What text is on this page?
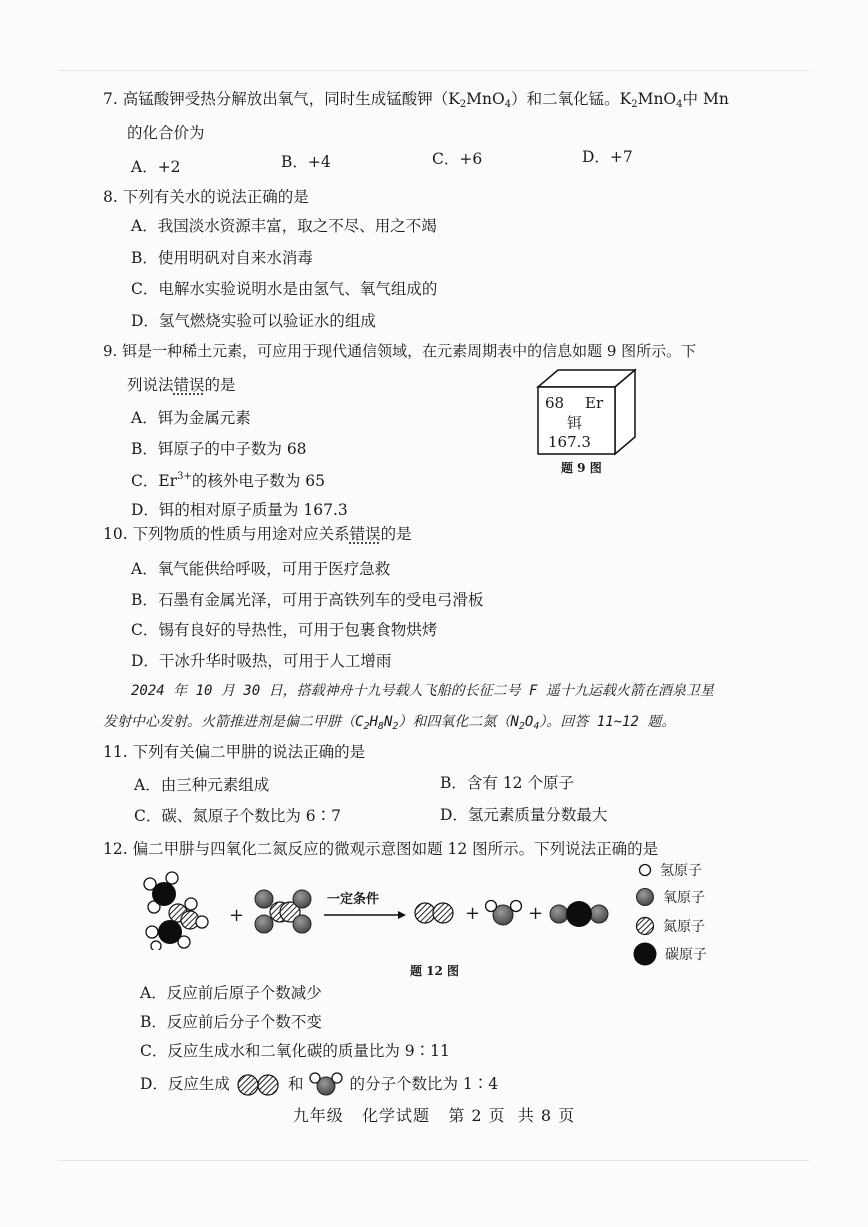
7. 高锰酸钾受热分解放出氧气，同时生成锰酸钾$(K_2MnO_4)$和二氧化锰。$K_2MnO_4$中 Mn
的化合价为
A．+2	B．+4	C．+6	D．+7
8. 下列有关水的说法正确的是
A．我国淡水资源丰富，取之不尽、用之不竭
B．使用明矾对自来水消毒
C．电解水实验说明水是由氢气、氧气组成的
D．氢气燃烧实验可以验证水的组成
9. 铒是一种稀土元素，可应用于现代通信领域，在元素周期表中的信息如题 9 图所示。下
列说法错误的是
A．铒为金属元素
B．铒原子的中子数为 68
C．$Er^{3+}$的核外电子数为 65
D．铒的相对原子质量为 167.3
68 Er
铒
167.3
题 9 图
10. 下列物质的性质与用途对应关系错误的是
A．氧气能供给呼吸，可用于医疗急救
B．石墨有金属光泽，可用于高铁列车的受电弓滑板
C．锡有良好的导热性，可用于包裹食物烘烤
D．干冰升华时吸热，可用于人工增雨
2024 年 10 月 30 日，搭载神舟十九号载人飞船的长征二号 F 遥十九运载火箭在酒泉卫星
发射中心发射。火箭推进剂是偏二甲肼$(C_2H_8N_2)$和四氧化二氮$(N_2O_4)$。回答 11~12 题。
11. 下列有关偏二甲肼的说法正确的是
A．由三种元素组成	B．含有 12 个原子
C．碳、氮原子个数比为 6∶7	D．氢元素质量分数最大
12. 偏二甲肼与四氧化二氮反应的微观示意图如题 12 图所示。下列说法正确的是
+
一定条件
+	+
氢原子
氧原子
氮原子
碳原子
题 12 图
A．反应前后原子个数减少
B．反应前后分子个数不变
C．反应生成水和二氧化碳的质量比为 9∶11
D．反应生成	和	的分子个数比为 1∶4
九年级   化学试题   第 2 页  共 8 页
